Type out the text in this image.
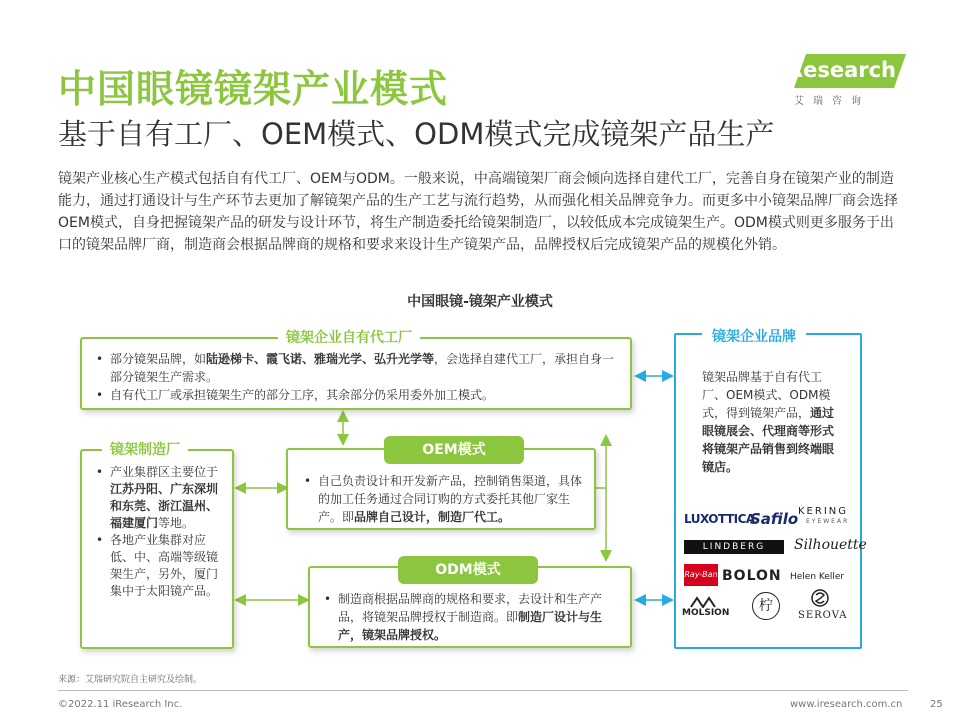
中国眼镜镜架产业模式
基于自有工厂、OEM模式、ODM模式完成镜架产品生产
iResearch
艾瑞咨询
镜架产业核心生产模式包括自有代工厂、OEM与ODM。一般来说，中高端镜架厂商会倾向选择自建代工厂，完善自身在镜架产业的制造能力，通过打通设计与生产环节去更加了解镜架产品的生产工艺与流行趋势，从而强化相关品牌竞争力。而更多中小镜架品牌厂商会选择OEM模式，自身把握镜架产品的研发与设计环节，将生产制造委托给镜架制造厂，以较低成本完成镜架生产。ODM模式则更多服务于出口的镜架品牌厂商，制造商会根据品牌商的规格和要求来设计生产镜架产品，品牌授权后完成镜架产品的规模化外销。
中国眼镜-镜架产业模式
镜架企业自有代工厂
• 部分镜架品牌，如陆逊梯卡、霞飞诺、雅瑞光学、弘升光学等，会选择自建代工厂，承担自身一部分镜架生产需求。
• 自有代工厂或承担镜架生产的部分工序，其余部分仍采用委外加工模式。
镜架制造厂
• 产业集群区主要位于江苏丹阳、广东深圳和东莞、浙江温州、福建厦门等地。
• 各地产业集群对应低、中、高端等级镜架生产，另外，厦门集中于太阳镜产品。
OEM模式
• 自己负责设计和开发新产品，控制销售渠道，具体的加工任务通过合同订购的方式委托其他厂家生产。即品牌自己设计，制造厂代工。
ODM模式
• 制造商根据品牌商的规格和要求，去设计和生产产品，将镜架品牌授权于制造商。即制造厂设计与生产，镜架品牌授权。
镜架企业品牌
镜架品牌基于自有代工厂、OEM模式、ODM模式，得到镜架产品，通过眼镜展会、代理商等形式将镜架产品销售到终端眼镜店。
LUXOTTICA
Safilo KERING
EYEWEAR
LINDBERG	Silhouette
Ray-Ban BOLON Helen Keller
MOLSION	柠
SEROVA
来源：艾瑞研究院自主研究及绘制。
©2022.11 iResearch Inc.	www.iresearch.com.cn	25
